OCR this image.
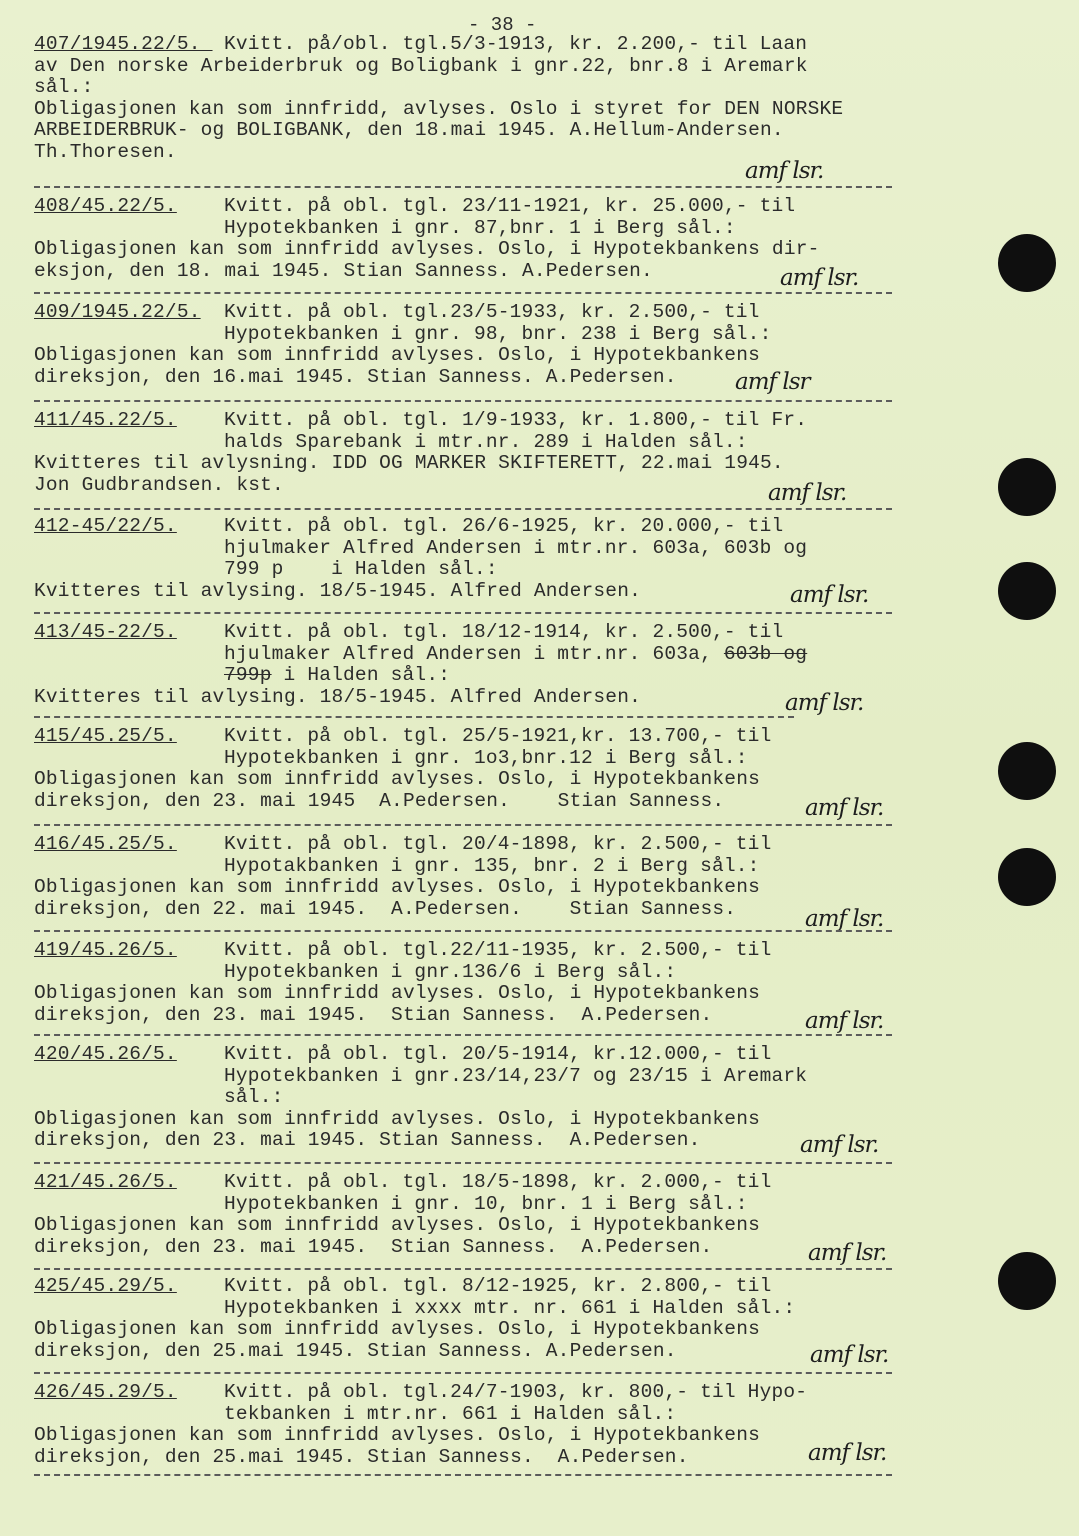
- 38 -
407/1945.22/5._ Kvitt. på/obl. tgl.5/3-1913, kr. 2.200,- til Laan
av Den norske Arbeiderbruk og Boligbank i gnr.22, bnr.8 i Aremark
sål.:
Obligasjonen kan som innfridd, avlyses. Oslo i styret for DEN NORSKE
ARBEIDERBRUK- og BOLIGBANK, den 18.mai 1945. A.Hellum-Andersen.
Th.Thoresen.
amf lsr.
408/45.22/5. Kvitt. på obl. tgl. 23/11-1921, kr. 25.000,- til
Hypotekbanken i gnr. 87,bnr. 1 i Berg sål.:
Obligasjonen kan som innfridd avlyses. Oslo, i Hypotekbankens dir-
eksjon, den 18. mai 1945. Stian Sanness. A.Pedersen.	amf lsr.
409/1945.22/5. Kvitt. på obl. tgl.23/5-1933, kr. 2.500,- til
Hypotekbanken i gnr. 98, bnr. 238 i Berg sål.:
Obligasjonen kan som innfridd avlyses. Oslo, i Hypotekbankens
direksjon, den 16.mai 1945. Stian Sanness. A.Pedersen.	amf lsr
411/45.22/5. Kvitt. på obl. tgl. 1/9-1933, kr. 1.800,- til Fr.
halds Sparebank i mtr.nr. 289 i Halden sål.:
Kvitteres til avlysning. IDD OG MARKER SKIFTERETT, 22.mai 1945.
Jon Gudbrandsen. kst.	amf lsr.
412-45/22/5. Kvitt. på obl. tgl. 26/6-1925, kr. 20.000,- til
hjulmaker Alfred Andersen i mtr.nr. 603a, 603b og
799 p    i Halden sål.:
Kvitteres til avlysing. 18/5-1945. Alfred Andersen.	amf lsr.
413/45-22/5. Kvitt. på obl. tgl. 18/12-1914, kr. 2.500,- til
hjulmaker Alfred Andersen i mtr.nr. 603a, 603b og
799p i Halden sål.:
Kvitteres til avlysing. 18/5-1945. Alfred Andersen.	amf lsr.
415/45.25/5. Kvitt. på obl. tgl. 25/5-1921,kr. 13.700,- til
Hypotekbanken i gnr. 1o3,bnr.12 i Berg sål.:
Obligasjonen kan som innfridd avlyses. Oslo, i Hypotekbankens
direksjon, den 23. mai 1945  A.Pedersen.    Stian Sanness.	amf lsr.
416/45.25/5. Kvitt. på obl. tgl. 20/4-1898, kr. 2.500,- til
Hypotakbanken i gnr. 135, bnr. 2 i Berg sål.:
Obligasjonen kan som innfridd avlyses. Oslo, i Hypotekbankens
direksjon, den 22. mai 1945.  A.Pedersen.    Stian Sanness.	amf lsr.
419/45.26/5. Kvitt. på obl. tgl.22/11-1935, kr. 2.500,- til
Hypotekbanken i gnr.136/6 i Berg sål.:
Obligasjonen kan som innfridd avlyses. Oslo, i Hypotekbankens
direksjon, den 23. mai 1945.  Stian Sanness.  A.Pedersen.	amf lsr.
420/45.26/5. Kvitt. på obl. tgl. 20/5-1914, kr.12.000,- til
Hypotekbanken i gnr.23/14,23/7 og 23/15 i Aremark
sål.:
Obligasjonen kan som innfridd avlyses. Oslo, i Hypotekbankens
direksjon, den 23. mai 1945. Stian Sanness.  A.Pedersen.	amf lsr.
421/45.26/5. Kvitt. på obl. tgl. 18/5-1898, kr. 2.000,- til
Hypotekbanken i gnr. 10, bnr. 1 i Berg sål.:
Obligasjonen kan som innfridd avlyses. Oslo, i Hypotekbankens
direksjon, den 23. mai 1945.  Stian Sanness.  A.Pedersen.	amf lsr.
425/45.29/5. Kvitt. på obl. tgl. 8/12-1925, kr. 2.800,- til
Hypotekbanken i xxxx mtr. nr. 661 i Halden sål.:
Obligasjonen kan som innfridd avlyses. Oslo, i Hypotekbankens
direksjon, den 25.mai 1945. Stian Sanness. A.Pedersen.	amf lsr.
426/45.29/5. Kvitt. på obl. tgl.24/7-1903, kr. 800,- til Hypo-
tekbanken i mtr.nr. 661 i Halden sål.:
Obligasjonen kan som innfridd avlyses. Oslo, i Hypotekbankens
direksjon, den 25.mai 1945. Stian Sanness.  A.Pedersen.	amf lsr.
